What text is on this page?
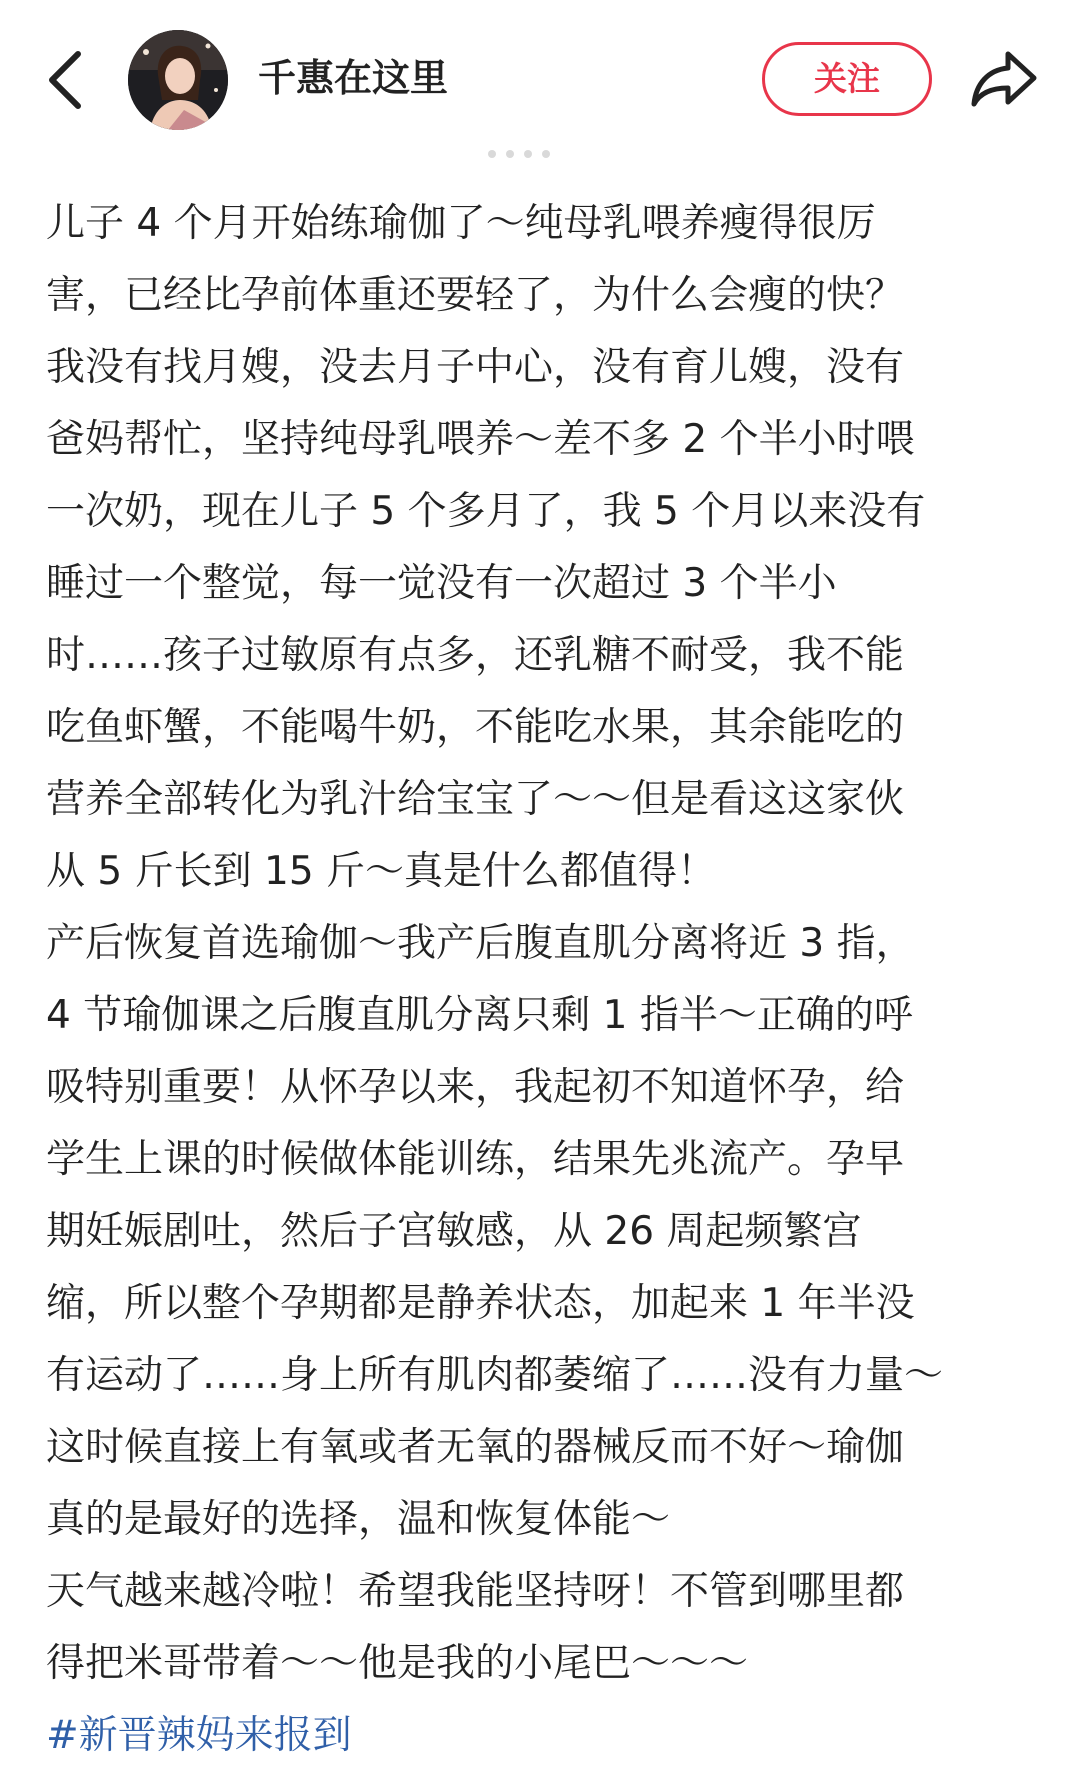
千惠在这里	关注

儿子 4 个月开始练瑜伽了～纯母乳喂养瘦得很厉
害，已经比孕前体重还要轻了，为什么会瘦的快？
我没有找月嫂，没去月子中心，没有育儿嫂，没有
爸妈帮忙，坚持纯母乳喂养～差不多 2 个半小时喂
一次奶，现在儿子 5 个多月了，我 5 个月以来没有
睡过一个整觉，每一觉没有一次超过 3 个半小
时……孩子过敏原有点多，还乳糖不耐受，我不能
吃鱼虾蟹，不能喝牛奶，不能吃水果，其余能吃的
营养全部转化为乳汁给宝宝了～～但是看这这家伙
从 5 斤长到 15 斤～真是什么都值得！

产后恢复首选瑜伽～我产后腹直肌分离将近 3 指，
4 节瑜伽课之后腹直肌分离只剩 1 指半～正确的呼
吸特别重要！从怀孕以来，我起初不知道怀孕，给
学生上课的时候做体能训练，结果先兆流产。孕早
期妊娠剧吐，然后子宫敏感，从 26 周起频繁宫
缩，所以整个孕期都是静养状态，加起来 1 年半没
有运动了……身上所有肌肉都萎缩了……没有力量～
这时候直接上有氧或者无氧的器械反而不好～瑜伽
真的是最好的选择，温和恢复体能～

天气越来越冷啦！希望我能坚持呀！不管到哪里都
得把米哥带着～～他是我的小尾巴～～～

#新晋辣妈来报到
